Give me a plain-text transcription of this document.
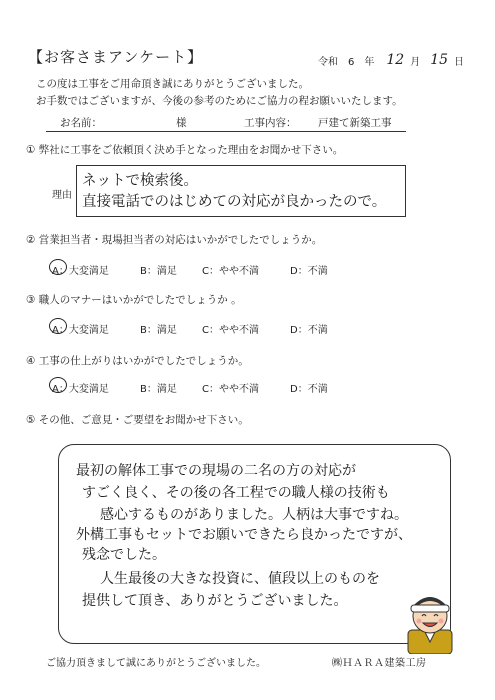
【お客さまアンケート】	令和 6 年 12 月 15 日
この度は工事をご用命頂き誠にありがとうございました。
お手数ではございますが、今後の参考のためにご協力の程お願いいたします。
お名前：	様	工事内容： 戸建て新築工事
① 弊社に工事をご依頼頂く決め手となった理由をお聞かせ下さい。
理由
ネットで検索後。
直接電話でのはじめての対応が良かったので。
② 営業担当者・現場担当者の対応はいかがでしたでしょうか。
A：大変満足	B：満足	C：やや不満	D：不満
③ 職人のマナーはいかがでしたでしょうか 。
A：大変満足	B：満足	C：やや不満	D：不満
④ 工事の仕上がりはいかがでしたでしょうか。
A：大変満足	B：満足	C：やや不満	D：不満
⑤ その他、ご意見・ご要望をお聞かせ下さい。
最初の解体工事での現場の二名の方の対応が
すごく良く、その後の各工程での職人様の技術も
感心するものがありました。人柄は大事ですね。
外構工事もセットでお願いできたら良かったですが、
残念でした。
人生最後の大きな投資に、値段以上のものを
提供して頂き、ありがとうございました。
ご協力頂きまして誠にありがとうございました。	㈱ＨＡＲＡ建築工房
